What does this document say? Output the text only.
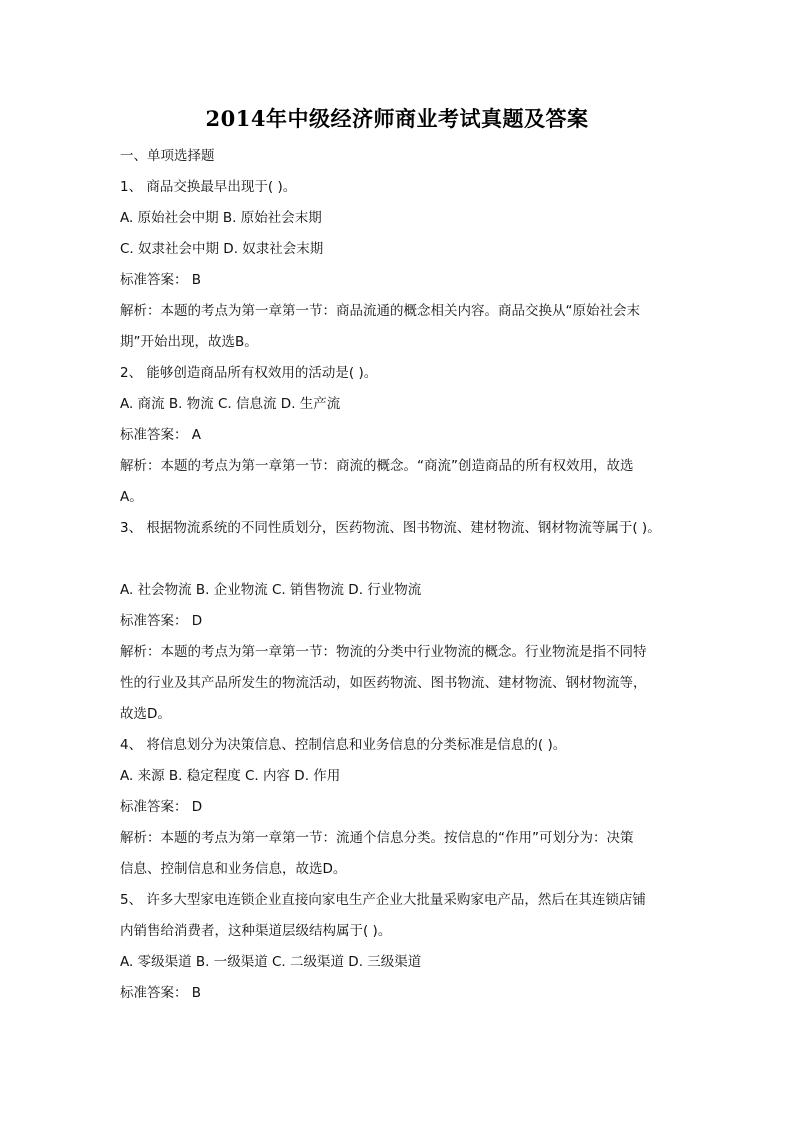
2014年中级经济师商业考试真题及答案
一、单项选择题
1、 商品交换最早出现于( )。
A. 原始社会中期 B. 原始社会末期
C. 奴隶社会中期 D. 奴隶社会末期
标准答案： B
解析：本题的考点为第一章第一节：商品流通的概念相关内容。商品交换从“原始社会末
期”开始出现，故选B。
2、 能够创造商品所有权效用的活动是( )。
A. 商流 B. 物流 C. 信息流 D. 生产流
标准答案： A
解析：本题的考点为第一章第一节：商流的概念。“商流”创造商品的所有权效用，故选
A。
3、 根据物流系统的不同性质划分，医药物流、图书物流、建材物流、钢材物流等属于( )。
A. 社会物流 B. 企业物流 C. 销售物流 D. 行业物流
标准答案： D
解析：本题的考点为第一章第一节：物流的分类中行业物流的概念。行业物流是指不同特
性的行业及其产品所发生的物流活动，如医药物流、图书物流、建材物流、钢材物流等，
故选D。
4、 将信息划分为决策信息、控制信息和业务信息的分类标准是信息的( )。
A. 来源 B. 稳定程度 C. 内容 D. 作用
标准答案： D
解析：本题的考点为第一章第一节：流通个信息分类。按信息的“作用”可划分为：决策
信息、控制信息和业务信息，故选D。
5、 许多大型家电连锁企业直接向家电生产企业大批量采购家电产品，然后在其连锁店铺
内销售给消费者，这种渠道层级结构属于( )。
A. 零级渠道 B. 一级渠道 C. 二级渠道 D. 三级渠道
标准答案： B
